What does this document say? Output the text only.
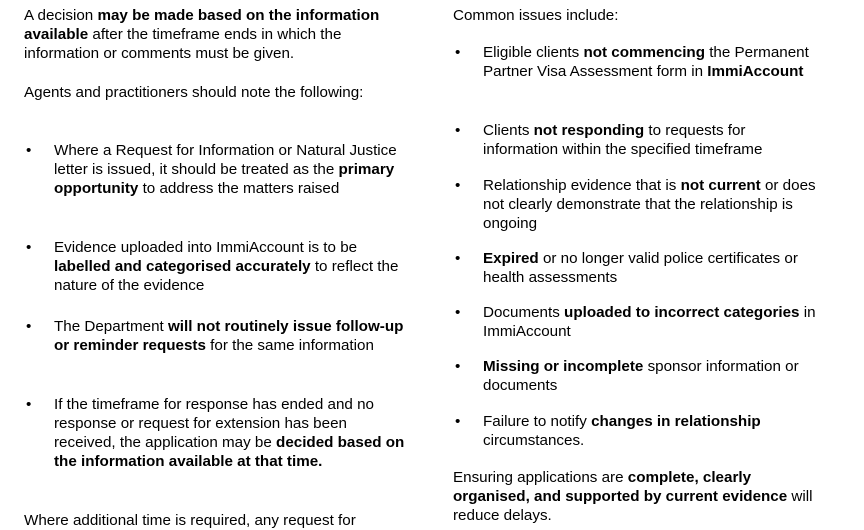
A decision may be made based on the information available after the timeframe ends in which the information or comments must be given.

Agents and practitioners should note the following:

• Where a Request for Information or Natural Justice letter is issued, it should be treated as the primary opportunity to address the matters raised
• Evidence uploaded into ImmiAccount is to be labelled and categorised accurately to reflect the nature of the evidence
• The Department will not routinely issue follow-up or reminder requests for the same information
• If the timeframe for response has ended and no response or request for extension has been received, the application may be decided based on the information available at that time.

Where additional time is required, any request for

Common issues include:

• Eligible clients not commencing the Permanent Partner Visa Assessment form in ImmiAccount
• Clients not responding to requests for information within the specified timeframe
• Relationship evidence that is not current or does not clearly demonstrate that the relationship is ongoing
• Expired or no longer valid police certificates or health assessments
• Documents uploaded to incorrect categories in ImmiAccount
• Missing or incomplete sponsor information or documents
• Failure to notify changes in relationship circumstances.

Ensuring applications are complete, clearly organised, and supported by current evidence will reduce delays.
